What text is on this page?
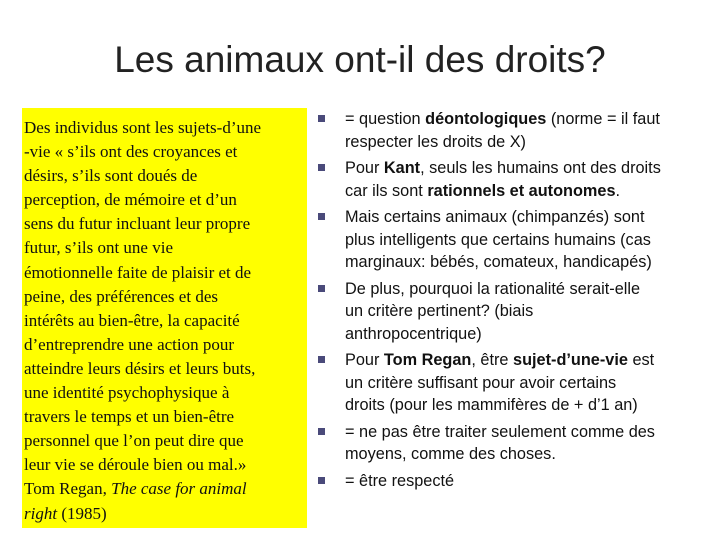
Les animaux ont-il des droits?
Des individus sont les sujets-d’une
-vie « s’ils ont des croyances et
désirs, s’ils sont doués de
perception, de mémoire et d’un
sens du futur incluant leur propre
futur, s’ils ont une vie
émotionnelle faite de plaisir et de
peine, des préférences et des
intérêts au bien-être, la capacité
d’entreprendre une action pour
atteindre leurs désirs et leurs buts,
une identité psychophysique à
travers le temps et un bien-être
personnel que l’on peut dire que
leur vie se déroule bien ou mal.»
Tom Regan, The case for animal
right (1985)
= question déontologiques (norme = il faut
respecter les droits de X)
Pour Kant, seuls les humains ont des droits
car ils sont rationnels et autonomes.
Mais certains animaux (chimpanzés) sont
plus intelligents que certains humains (cas
marginaux: bébés, comateux, handicapés)
De plus, pourquoi la rationalité serait-elle
un critère pertinent? (biais
anthropocentrique)
Pour Tom Regan, être sujet-d’une-vie est
un critère suffisant pour avoir certains
droits (pour les mammifères de + d’1 an)
= ne pas être traiter seulement comme des
moyens, comme des choses.
= être respecté
